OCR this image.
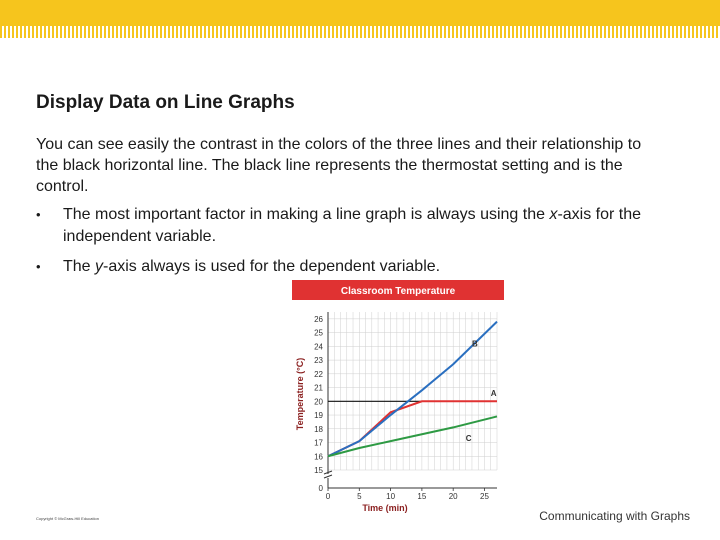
Display Data on Line Graphs

You can see easily the contrast in the colors of the three lines and their relationship to the black horizontal line. The black line represents the thermostat setting and is the control.

• The most important factor in making a line graph is always using the x-axis for the independent variable.
• The y-axis always is used for the dependent variable.
Classroom Temperature
0
15
16
17
18
19
20
21
22
23
24
25
26
0	5	10	15	20	25
A
B
C
Time (min)
Temperature (°C)
Copyright © McGraw-Hill Education	Communicating with Graphs
